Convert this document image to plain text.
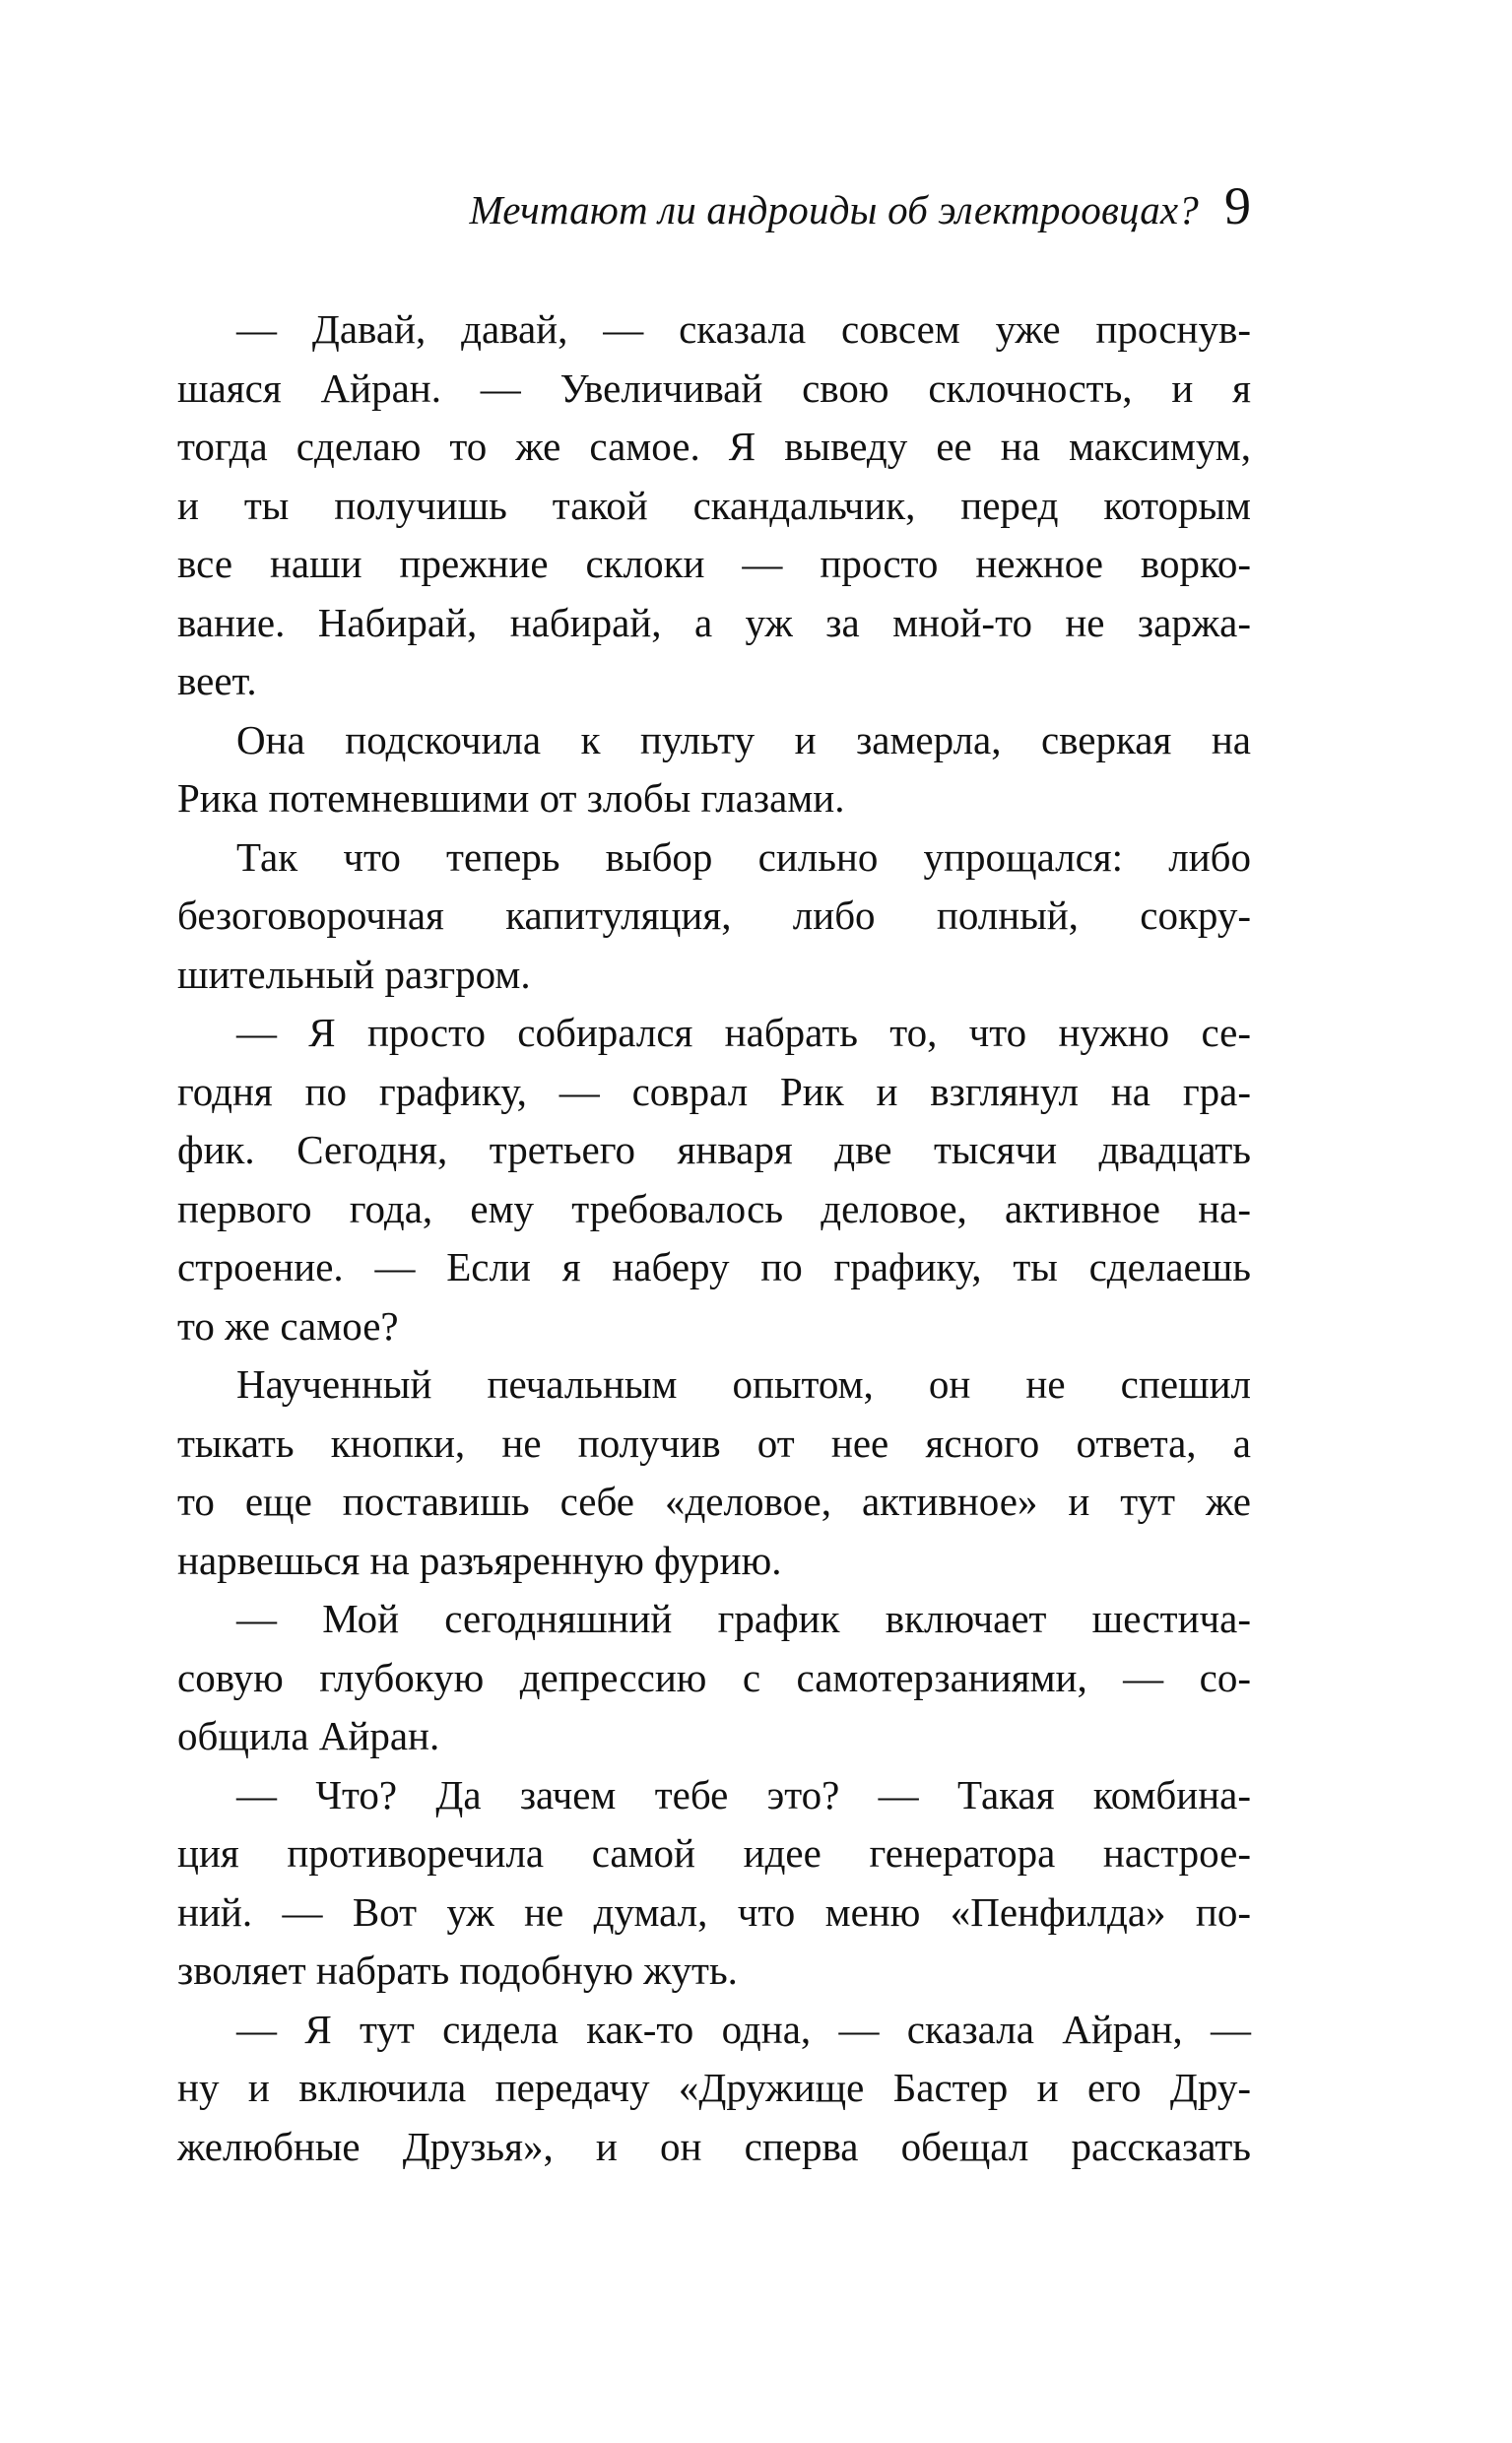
Мечтают ли андроиды об электроовцах? 9
— Давай, давай, — сказала совсем уже проснув-
шаяся Айран. — Увеличивай свою склочность, и я
тогда сделаю то же самое. Я выведу ее на максимум,
и ты получишь такой скандальчик, перед которым
все наши прежние склоки — просто нежное ворко-
вание. Набирай, набирай, а уж за мной-то не заржа-
веет.
Она подскочила к пульту и замерла, сверкая на
Рика потемневшими от злобы глазами.
Так что теперь выбор сильно упрощался: либо
безоговорочная капитуляция, либо полный, сокру-
шительный разгром.
— Я просто собирался набрать то, что нужно се-
годня по графику, — соврал Рик и взглянул на гра-
фик. Сегодня, третьего января две тысячи двадцать
первого года, ему требовалось деловое, активное на-
строение. — Если я наберу по графику, ты сделаешь
то же самое?
Наученный печальным опытом, он не спешил
тыкать кнопки, не получив от нее ясного ответа, а
то еще поставишь себе «деловое, активное» и тут же
нарвешься на разъяренную фурию.
— Мой сегодняшний график включает шестича-
совую глубокую депрессию с самотерзаниями, — со-
общила Айран.
— Что? Да зачем тебе это? — Такая комбина-
ция противоречила самой идее генератора настрое-
ний. — Вот уж не думал, что меню «Пенфилда» по-
зволяет набрать подобную жуть.
— Я тут сидела как-то одна, — сказала Айран, —
ну и включила передачу «Дружище Бастер и его Дру-
желюбные Друзья», и он сперва обещал рассказать
